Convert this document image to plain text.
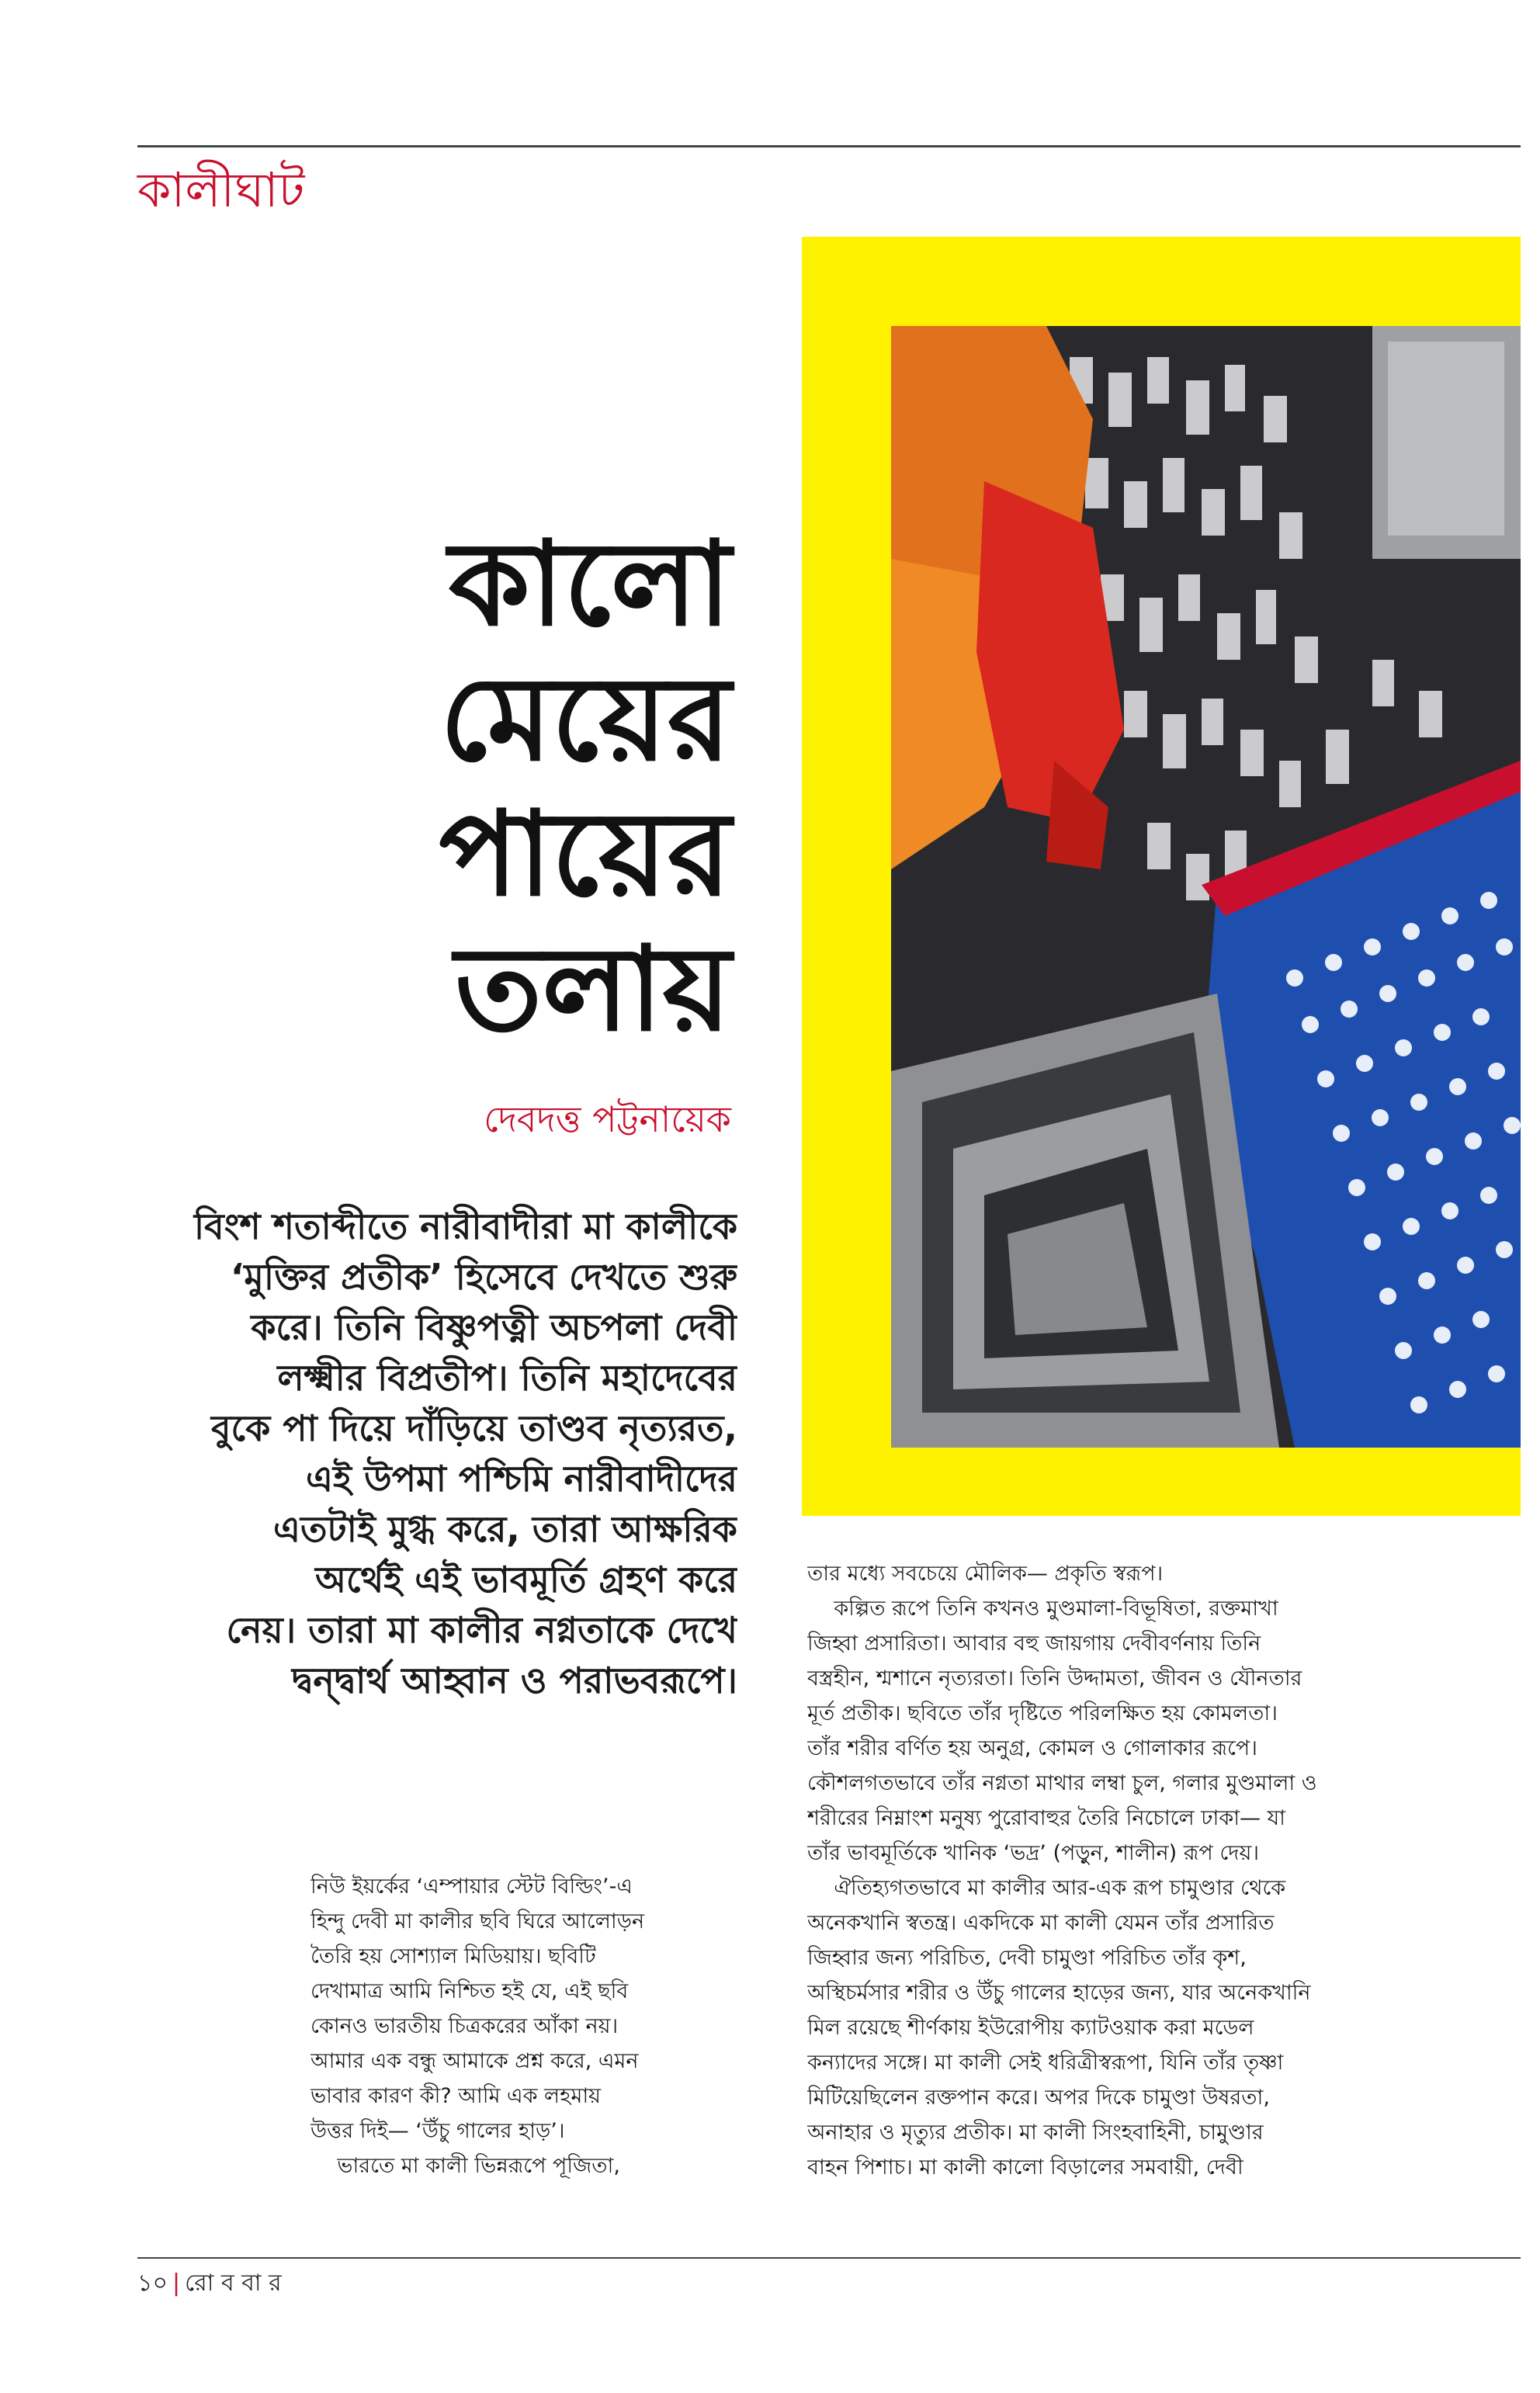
কালীঘাট
কালো
মেয়ের
পায়ের
তলায়
দেবদত্ত পট্টনায়েক
বিংশ শতাব্দীতে নারীবাদীরা মা কালীকে
‘মুক্তির প্রতীক’ হিসেবে দেখতে শুরু
করে। তিনি বিষ্ণুপত্নী অচপলা দেবী
লক্ষ্মীর বিপ্রতীপ। তিনি মহাদেবের
বুকে পা দিয়ে দাঁড়িয়ে তাণ্ডব নৃত্যরত,
এই উপমা পশ্চিমি নারীবাদীদের
এতটাই মুগ্ধ করে, তারা আক্ষরিক
অর্থেই এই ভাবমূর্তি গ্রহণ করে
নেয়। তারা মা কালীর নগ্নতাকে দেখে
দ্বন্দ্বার্থ আহ্বান ও পরাভবরূপে।
নিউ ইয়র্কের ‘এম্পায়ার স্টেট বিল্ডিং’-এ
হিন্দু দেবী মা কালীর ছবি ঘিরে আলোড়ন
তৈরি হয় সোশ্যাল মিডিয়ায়। ছবিটি
দেখামাত্র আমি নিশ্চিত হই যে, এই ছবি
কোনও ভারতীয় চিত্রকরের আঁকা নয়।
আমার এক বন্ধু আমাকে প্রশ্ন করে, এমন
ভাবার কারণ কী? আমি এক লহমায়
উত্তর দিই— ‘উঁচু গালের হাড়’।
ভারতে মা কালী ভিন্নরূপে পূজিতা,
তার মধ্যে সবচেয়ে মৌলিক— প্রকৃতি স্বরূপ।
কল্পিত রূপে তিনি কখনও মুণ্ডমালা-বিভূষিতা, রক্তমাখা
জিহ্বা প্রসারিতা। আবার বহু জায়গায় দেবীবর্ণনায় তিনি
বস্ত্রহীন, শ্মশানে নৃত্যরতা। তিনি উদ্দামতা, জীবন ও যৌনতার
মূর্ত প্রতীক। ছবিতে তাঁর দৃষ্টিতে পরিলক্ষিত হয় কোমলতা।
তাঁর শরীর বর্ণিত হয় অনুগ্র, কোমল ও গোলাকার রূপে।
কৌশলগতভাবে তাঁর নগ্নতা মাথার লম্বা চুল, গলার মুণ্ডমালা ও
শরীরের নিম্নাংশ মনুষ্য পুরোবাহুর তৈরি নিচোলে ঢাকা— যা
তাঁর ভাবমূর্তিকে খানিক ‘ভদ্র’ (পড়ুন, শালীন) রূপ দেয়।
ঐতিহ্যগতভাবে মা কালীর আর-এক রূপ চামুণ্ডার থেকে
অনেকখানি স্বতন্ত্র। একদিকে মা কালী যেমন তাঁর প্রসারিত
জিহ্বার জন্য পরিচিত, দেবী চামুণ্ডা পরিচিত তাঁর কৃশ,
অস্থিচর্মসার শরীর ও উঁচু গালের হাড়ের জন্য, যার অনেকখানি
মিল রয়েছে শীর্ণকায় ইউরোপীয় ক্যাটওয়াক করা মডেল
কন্যাদের সঙ্গে। মা কালী সেই ধরিত্রীস্বরূপা, যিনি তাঁর তৃষ্ণা
মিটিয়েছিলেন রক্তপান করে। অপর দিকে চামুণ্ডা উষরতা,
অনাহার ও মৃত্যুর প্রতীক। মা কালী সিংহবাহিনী, চামুণ্ডার
বাহন পিশাচ। মা কালী কালো বিড়ালের সমবায়ী, দেবী
১০ | রো ব বা র
